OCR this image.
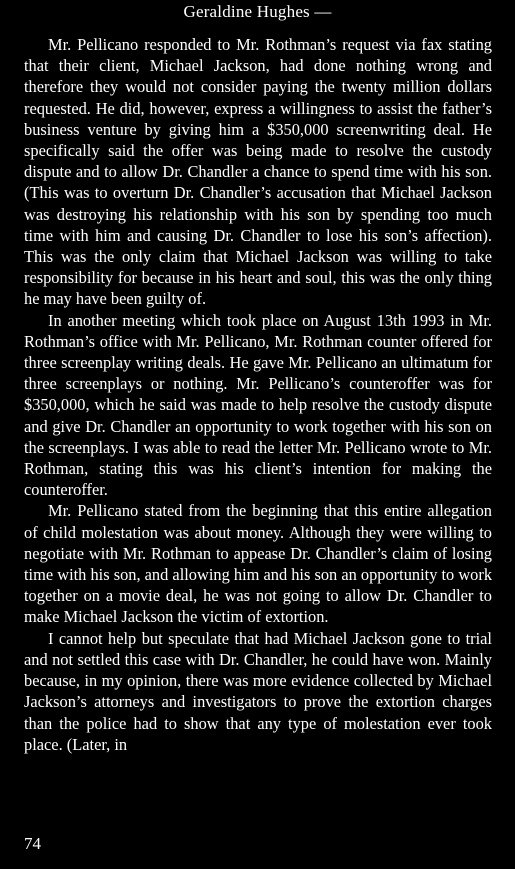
Geraldine Hughes —

Mr. Pellicano responded to Mr. Rothman’s request via fax stating that their client, Michael Jackson, had done nothing wrong and therefore they would not consider paying the twenty million dollars requested. He did, however, express a willingness to assist the father’s business venture by giving him a $350,000 screenwriting deal. He specifically said the offer was being made to resolve the custody dispute and to allow Dr. Chandler a chance to spend time with his son. (This was to overturn Dr. Chandler’s accusation that Michael Jackson was destroying his relationship with his son by spending too much time with him and causing Dr. Chandler to lose his son’s affection). This was the only claim that Michael Jackson was willing to take responsibility for because in his heart and soul, this was the only thing he may have been guilty of.

In another meeting which took place on August 13th 1993 in Mr. Rothman’s office with Mr. Pellicano, Mr. Rothman counter offered for three screenplay writing deals. He gave Mr. Pellicano an ultimatum for three screenplays or nothing. Mr. Pellicano’s counteroffer was for $350,000, which he said was made to help resolve the custody dispute and give Dr. Chandler an opportunity to work together with his son on the screenplays. I was able to read the letter Mr. Pellicano wrote to Mr. Rothman, stating this was his client’s intention for making the counteroffer.

Mr. Pellicano stated from the beginning that this entire allegation of child molestation was about money. Although they were willing to negotiate with Mr. Rothman to appease Dr. Chandler’s claim of losing time with his son, and allowing him and his son an opportunity to work together on a movie deal, he was not going to allow Dr. Chandler to make Michael Jackson the victim of extortion.

I cannot help but speculate that had Michael Jackson gone to trial and not settled this case with Dr. Chandler, he could have won. Mainly because, in my opinion, there was more evidence collected by Michael Jackson’s attorneys and investigators to prove the extortion charges than the police had to show that any type of molestation ever took place. (Later, in

74
